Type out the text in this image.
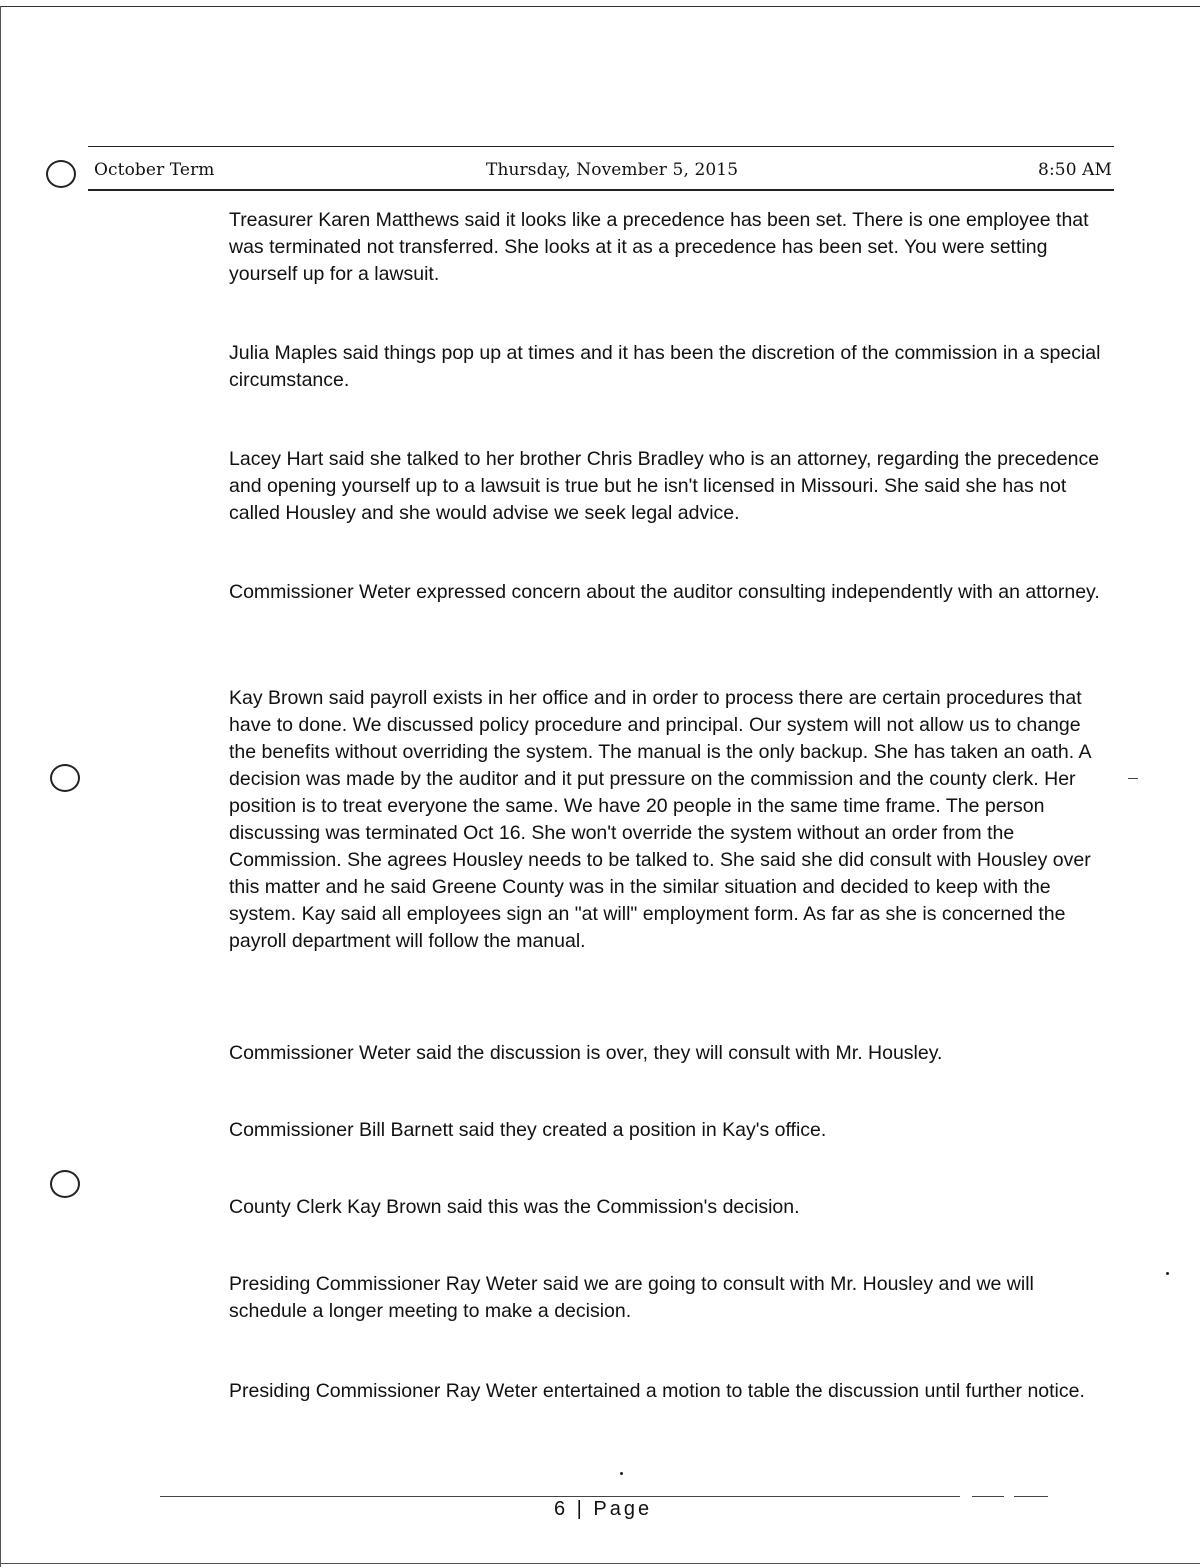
October Term	Thursday, November 5, 2015	8:50 AM

Treasurer Karen Matthews said it looks like a precedence has been set. There is one employee that was terminated not transferred. She looks at it as a precedence has been set. You were setting yourself up for a lawsuit.

Julia Maples said things pop up at times and it has been the discretion of the commission in a special circumstance.

Lacey Hart said she talked to her brother Chris Bradley who is an attorney, regarding the precedence and opening yourself up to a lawsuit is true but he isn't licensed in Missouri. She said she has not called Housley and she would advise we seek legal advice.

Commissioner Weter expressed concern about the auditor consulting independently with an attorney.

Kay Brown said payroll exists in her office and in order to process there are certain procedures that have to done. We discussed policy procedure and principal. Our system will not allow us to change the benefits without overriding the system. The manual is the only backup. She has taken an oath. A decision was made by the auditor and it put pressure on the commission and the county clerk. Her position is to treat everyone the same. We have 20 people in the same time frame. The person discussing was terminated Oct 16. She won't override the system without an order from the Commission. She agrees Housley needs to be talked to. She said she did consult with Housley over this matter and he said Greene County was in the similar situation and decided to keep with the system. Kay said all employees sign an "at will" employment form. As far as she is concerned the payroll department will follow the manual.

Commissioner Weter said the discussion is over, they will consult with Mr. Housley.

Commissioner Bill Barnett said they created a position in Kay's office.

County Clerk Kay Brown said this was the Commission's decision.

Presiding Commissioner Ray Weter said we are going to consult with Mr. Housley and we will schedule a longer meeting to make a decision.

Presiding Commissioner Ray Weter entertained a motion to table the discussion until further notice.

6 | Page
